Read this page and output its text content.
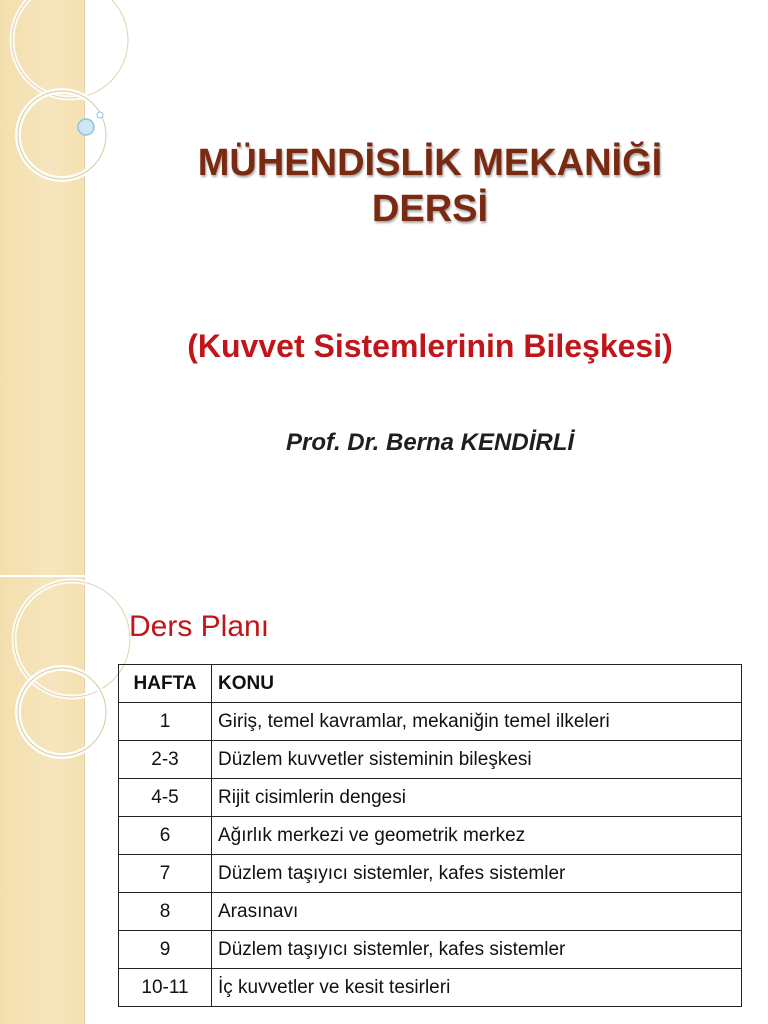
MÜHENDİSLİK MEKANİĞİ
DERSİ

(Kuvvet Sistemlerinin Bileşkesi)

Prof. Dr. Berna KENDİRLİ

Ders Planı
HAFTA	KONU
1	Giriş, temel kavramlar, mekaniğin temel ilkeleri
2-3	Düzlem kuvvetler sisteminin bileşkesi
4-5	Rijit cisimlerin dengesi
6	Ağırlık merkezi ve geometrik merkez
7	Düzlem taşıyıcı sistemler, kafes sistemler
8	Arasınavı
9	Düzlem taşıyıcı sistemler, kafes sistemler
10-11	İç kuvvetler ve kesit tesirleri
